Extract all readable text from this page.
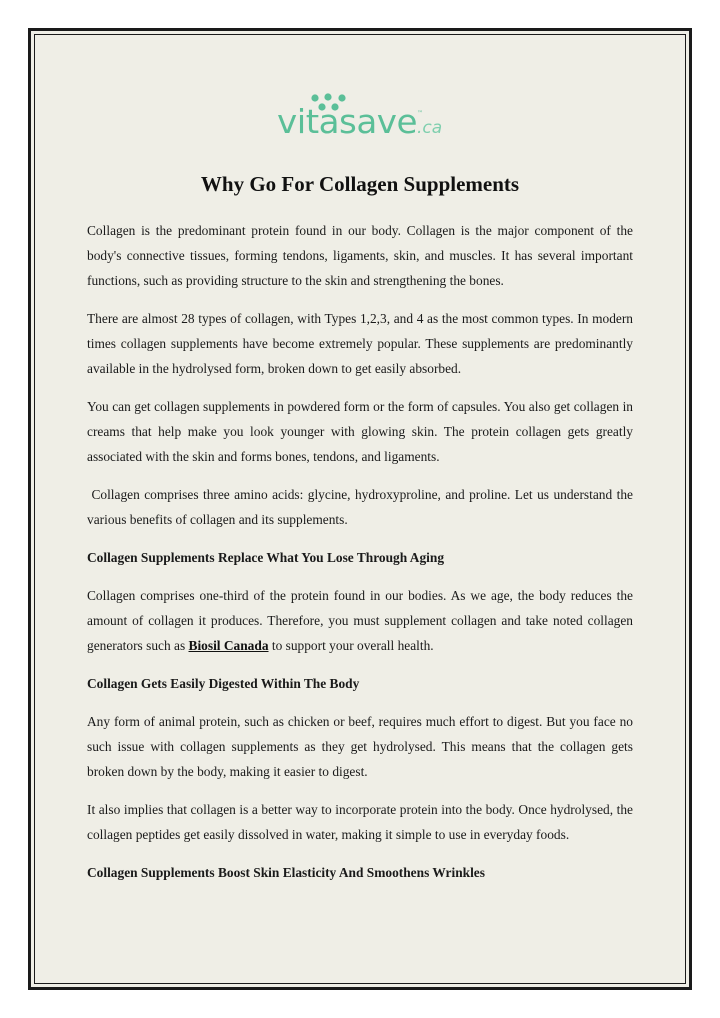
vitasave ™
.ca
Why Go For Collagen Supplements

Collagen is the predominant protein found in our body. Collagen is the major component of the body's connective tissues, forming tendons, ligaments, skin, and muscles. It has several important functions, such as providing structure to the skin and strengthening the bones.

There are almost 28 types of collagen, with Types 1,2,3, and 4 as the most common types. In modern times collagen supplements have become extremely popular. These supplements are predominantly available in the hydrolysed form, broken down to get easily absorbed.

You can get collagen supplements in powdered form or the form of capsules. You also get collagen in creams that help make you look younger with glowing skin. The protein collagen gets greatly associated with the skin and forms bones, tendons, and ligaments.

Collagen comprises three amino acids: glycine, hydroxyproline, and proline. Let us understand the various benefits of collagen and its supplements.

Collagen Supplements Replace What You Lose Through Aging

Collagen comprises one-third of the protein found in our bodies. As we age, the body reduces the amount of collagen it produces. Therefore, you must supplement collagen and take noted collagen generators such as Biosil Canada to support your overall health.

Collagen Gets Easily Digested Within The Body

Any form of animal protein, such as chicken or beef, requires much effort to digest. But you face no such issue with collagen supplements as they get hydrolysed. This means that the collagen gets broken down by the body, making it easier to digest.

It also implies that collagen is a better way to incorporate protein into the body. Once hydrolysed, the collagen peptides get easily dissolved in water, making it simple to use in everyday foods.

Collagen Supplements Boost Skin Elasticity And Smoothens Wrinkles
